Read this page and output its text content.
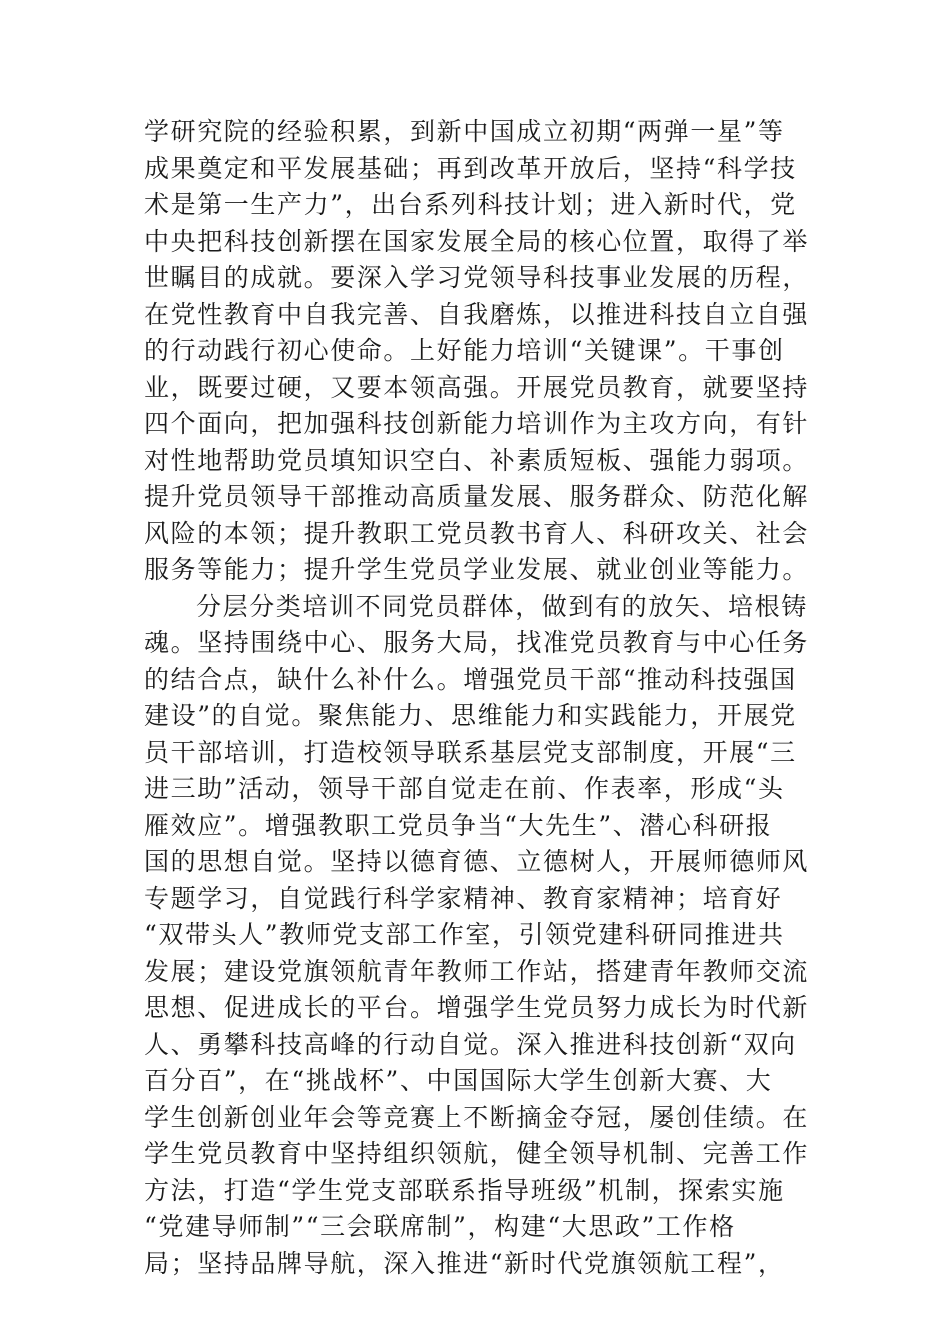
学研究院的经验积累，到新中国成立初期“两弹一星”等
成果奠定和平发展基础；再到改革开放后，坚持“科学技
术是第一生产力”，出台系列科技计划；进入新时代，党
中央把科技创新摆在国家发展全局的核心位置，取得了举
世瞩目的成就。要深入学习党领导科技事业发展的历程，
在党性教育中自我完善、自我磨炼，以推进科技自立自强
的行动践行初心使命。上好能力培训“关键课”。干事创
业，既要过硬，又要本领高强。开展党员教育，就要坚持
四个面向，把加强科技创新能力培训作为主攻方向，有针
对性地帮助党员填知识空白、补素质短板、强能力弱项。
提升党员领导干部推动高质量发展、服务群众、防范化解
风险的本领；提升教职工党员教书育人、科研攻关、社会
服务等能力；提升学生党员学业发展、就业创业等能力。
分层分类培训不同党员群体，做到有的放矢、培根铸
魂。坚持围绕中心、服务大局，找准党员教育与中心任务
的结合点，缺什么补什么。增强党员干部“推动科技强国
建设”的自觉。聚焦能力、思维能力和实践能力，开展党
员干部培训，打造校领导联系基层党支部制度，开展“三
进三助”活动，领导干部自觉走在前、作表率，形成“头
雁效应”。增强教职工党员争当“大先生”、潜心科研报
国的思想自觉。坚持以德育德、立德树人，开展师德师风
专题学习，自觉践行科学家精神、教育家精神；培育好
“双带头人”教师党支部工作室，引领党建科研同推进共
发展；建设党旗领航青年教师工作站，搭建青年教师交流
思想、促进成长的平台。增强学生党员努力成长为时代新
人、勇攀科技高峰的行动自觉。深入推进科技创新“双向
百分百”，在“挑战杯”、中国国际大学生创新大赛、大
学生创新创业年会等竞赛上不断摘金夺冠，屡创佳绩。在
学生党员教育中坚持组织领航，健全领导机制、完善工作
方法，打造“学生党支部联系指导班级”机制，探索实施
“党建导师制”“三会联席制”，构建“大思政”工作格
局；坚持品牌导航，深入推进“新时代党旗领航工程”，
